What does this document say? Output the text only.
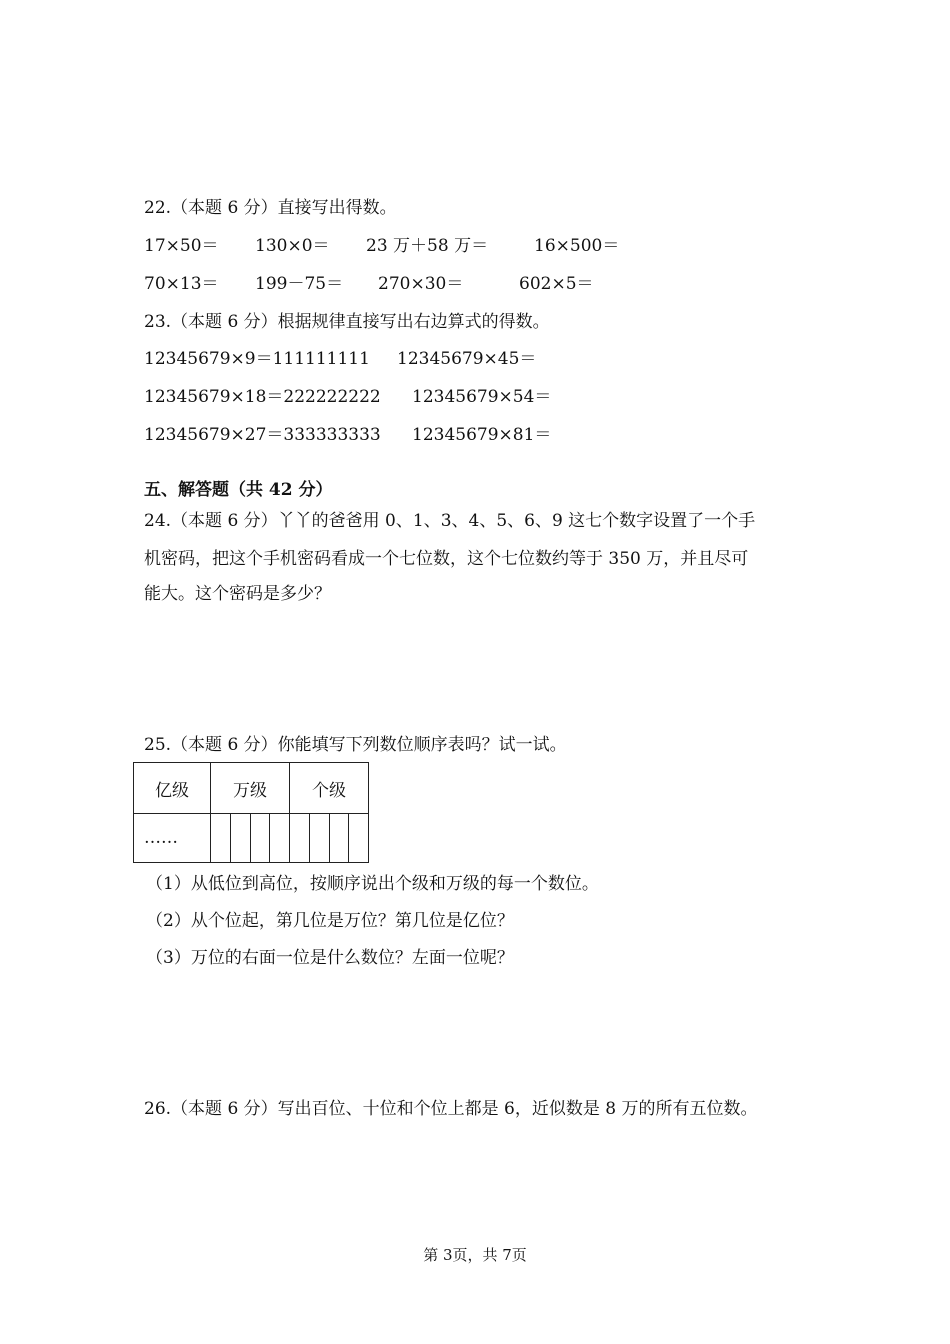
22.（本题 6 分）直接写出得数。
17×50＝ 130×0＝ 23 万＋58 万＝	16×500＝
70×13＝ 199－75＝ 270×30＝	602×5＝
23.（本题 6 分）根据规律直接写出右边算式的得数。
12345679×9＝111111111 12345679×45＝
12345679×18＝222222222 12345679×54＝
12345679×27＝333333333 12345679×81＝
五、解答题（共 42 分）
24.（本题 6 分）丫丫的爸爸用 0、1、3、4、5、6、9 这七个数字设置了一个手
机密码，把这个手机密码看成一个七位数，这个七位数约等于 350 万，并且尽可
能大。这个密码是多少？
25.（本题 6 分）你能填写下列数位顺序表吗？试一试。
亿级	万级				个级			
……								
（1）从低位到高位，按顺序说出个级和万级的每一个数位。
（2）从个位起，第几位是万位？第几位是亿位？
（3）万位的右面一位是什么数位？左面一位呢？
26.（本题 6 分）写出百位、十位和个位上都是 6，近似数是 8 万的所有五位数。
第 3页，共 7页
